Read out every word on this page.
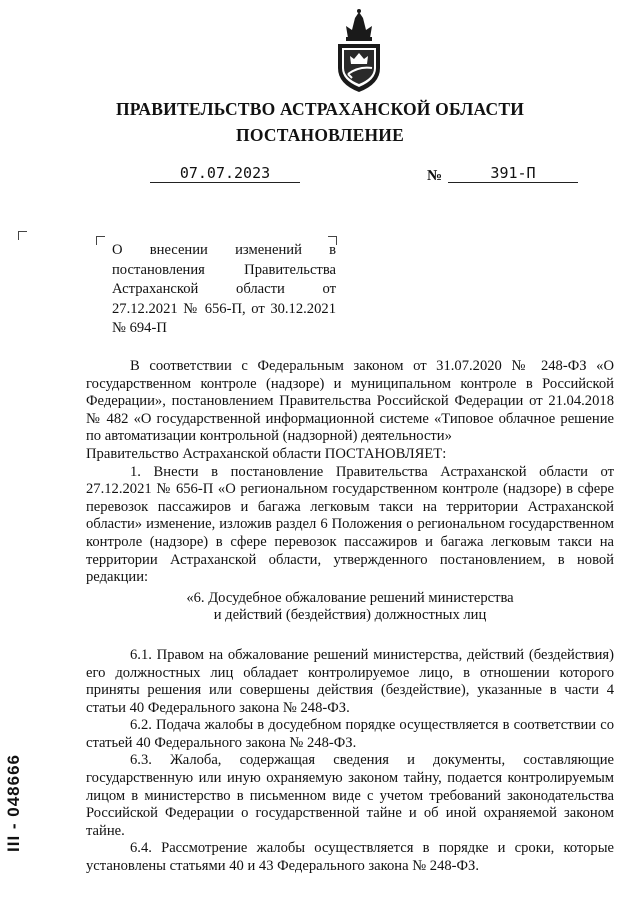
ПРАВИТЕЛЬСТВО АСТРАХАНСКОЙ ОБЛАСТИ
ПОСТАНОВЛЕНИЕ
07.07.2023	№	391-П
О внесении изменений в постановления Правительства Астраханской области от 27.12.2021 № 656-П, от 30.12.2021 № 694-П

В соответствии с Федеральным законом от 31.07.2020 № 248-ФЗ «О государственном контроле (надзоре) и муниципальном контроле в Российской Федерации», постановлением Правительства Российской Федерации от 21.04.2018 № 482 «О государственной информационной системе «Типовое облачное решение по автоматизации контрольной (надзорной) деятельности»

Правительство Астраханской области ПОСТАНОВЛЯЕТ:

1. Внести в постановление Правительства Астраханской области от 27.12.2021 № 656-П «О региональном государственном контроле (надзоре) в сфере перевозок пассажиров и багажа легковым такси на территории Астраханской области» изменение, изложив раздел 6 Положения о региональном государственном контроле (надзоре) в сфере перевозок пассажиров и багажа легковым такси на территории Астраханской области, утвержденного постановлением, в новой редакции:

«6. Досудебное обжалование решений министерства

и действий (бездействия) должностных лиц

6.1. Правом на обжалование решений министерства, действий (бездействия) его должностных лиц обладает контролируемое лицо, в отношении которого приняты решения или совершены действия (бездействие), указанные в части 4 статьи 40 Федерального закона № 248-ФЗ.

6.2. Подача жалобы в досудебном порядке осуществляется в соответствии со статьей 40 Федерального закона № 248-ФЗ.

6.3. Жалоба, содержащая сведения и документы, составляющие государственную или иную охраняемую законом тайну, подается контролируемым лицом в министерство в письменном виде с учетом требований законодательства Российской Федерации о государственной тайне и об иной охраняемой законом тайне.

6.4. Рассмотрение жалобы осуществляется в порядке и сроки, которые установлены статьями 40 и 43 Федерального закона № 248-ФЗ.

III - 048666
